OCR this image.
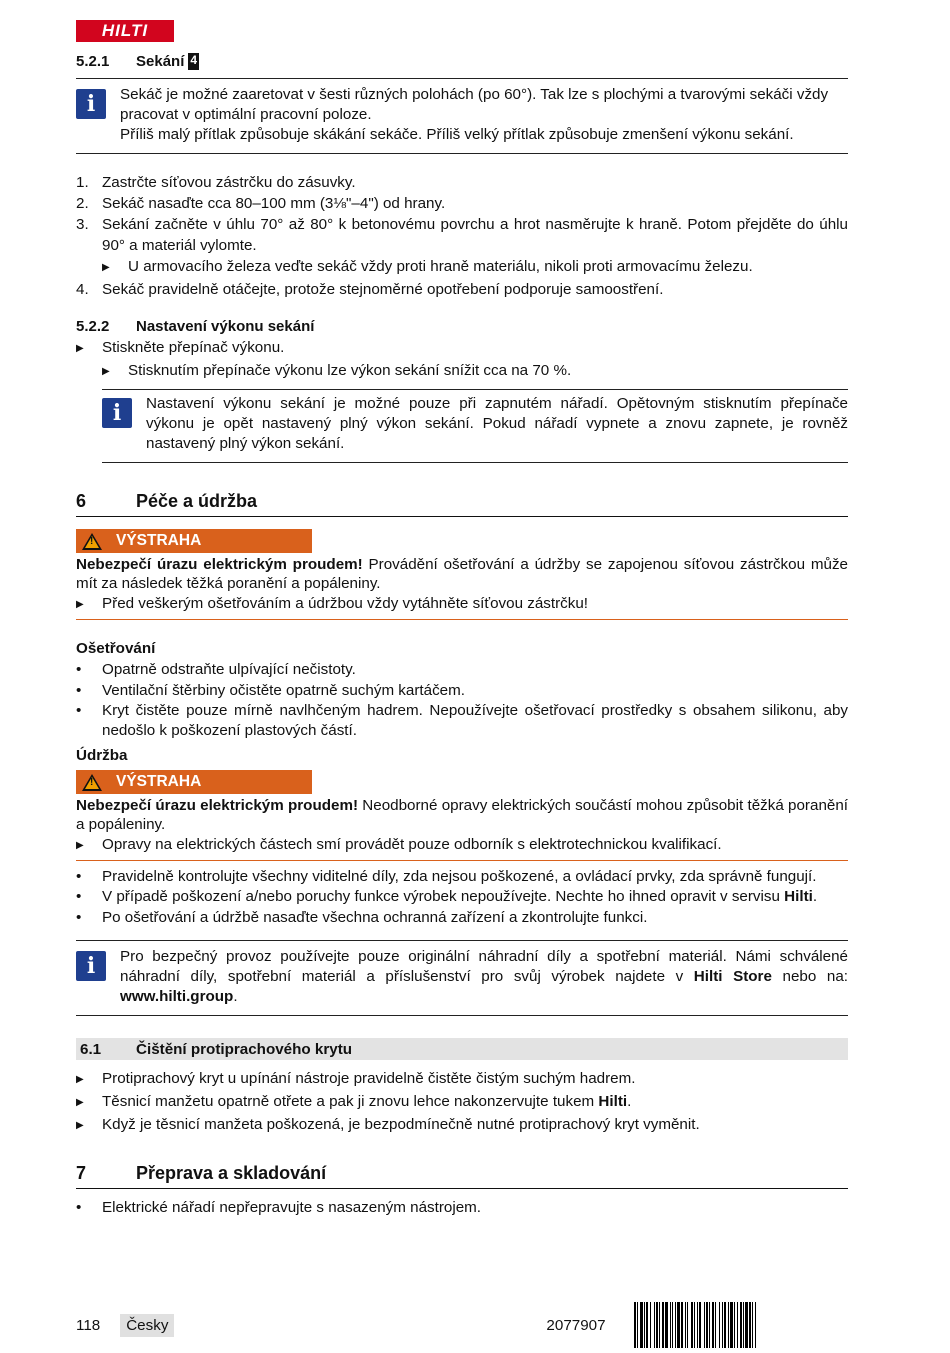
HILTI
5.2.1	Sekání 4
i	Sekáč je možné zaaretovat v šesti různých polohách (po 60°). Tak lze s plochými a tvarovými sekáči vždy pracovat v optimální pracovní poloze.
Příliš malý přítlak způsobuje skákání sekáče. Příliš velký přítlak způsobuje zmenšení výkonu sekání.
1. Zastrčte síťovou zástrčku do zásuvky.
2. Sekáč nasaďte cca 80–100 mm (3⅛"–4") od hrany.
3. Sekání začněte v úhlu 70° až 80° k betonovému povrchu a hrot nasměrujte k hraně. Potom přejděte do úhlu 90° a materiál vylomte.
▶	U armovacího železa veďte sekáč vždy proti hraně materiálu, nikoli proti armovacímu železu.
4. Sekáč pravidelně otáčejte, protože stejnoměrné opotřebení podporuje samoostření.
5.2.2	Nastavení výkonu sekání
▶	Stiskněte přepínač výkonu.
▶	Stisknutím přepínače výkonu lze výkon sekání snížit cca na 70 %.
i	Nastavení výkonu sekání je možné pouze při zapnutém nářadí. Opětovným stisknutím přepínače výkonu je opět nastavený plný výkon sekání. Pokud nářadí vypnete a znovu zapnete, je rovněž nastavený plný výkon sekání.
6	Péče a údržba
!
VÝSTRAHA
Nebezpečí úrazu elektrickým proudem! Provádění ošetřování a údržby se zapojenou síťovou zástrčkou může mít za následek těžká poranění a popáleniny.
▶	Před veškerým ošetřováním a údržbou vždy vytáhněte síťovou zástrčku!
Ošetřování
•	Opatrně odstraňte ulpívající nečistoty.
•	Ventilační štěrbiny očistěte opatrně suchým kartáčem.
•	Kryt čistěte pouze mírně navlhčeným hadrem. Nepoužívejte ošetřovací prostředky s obsahem silikonu, aby nedošlo k poškození plastových částí.
Údržba
!
VÝSTRAHA
Nebezpečí úrazu elektrickým proudem! Neodborné opravy elektrických součástí mohou způsobit těžká poranění a popáleniny.
▶	Opravy na elektrických částech smí provádět pouze odborník s elektrotechnickou kvalifikací.
•	Pravidelně kontrolujte všechny viditelné díly, zda nejsou poškozené, a ovládací prvky, zda správně fungují.
•	V případě poškození a/nebo poruchy funkce výrobek nepoužívejte. Nechte ho ihned opravit v servisu Hilti.
•	Po ošetřování a údržbě nasaďte všechna ochranná zařízení a zkontrolujte funkci.
i	Pro bezpečný provoz používejte pouze originální náhradní díly a spotřební materiál. Námi schválené náhradní díly, spotřební materiál a příslušenství pro svůj výrobek najdete v Hilti Store nebo na: www.hilti.group.
6.1	Čištění protiprachového krytu
▶	Protiprachový kryt u upínání nástroje pravidelně čistěte čistým suchým hadrem.
▶	Těsnicí manžetu opatrně otřete a pak ji znovu lehce nakonzervujte tukem Hilti.
▶	Když je těsnicí manžeta poškozená, je bezpodmínečně nutné protiprachový kryt vyměnit.
7	Přeprava a skladování
•	Elektrické nářadí nepřepravujte s nasazeným nástrojem.
118	Česky	2077907
